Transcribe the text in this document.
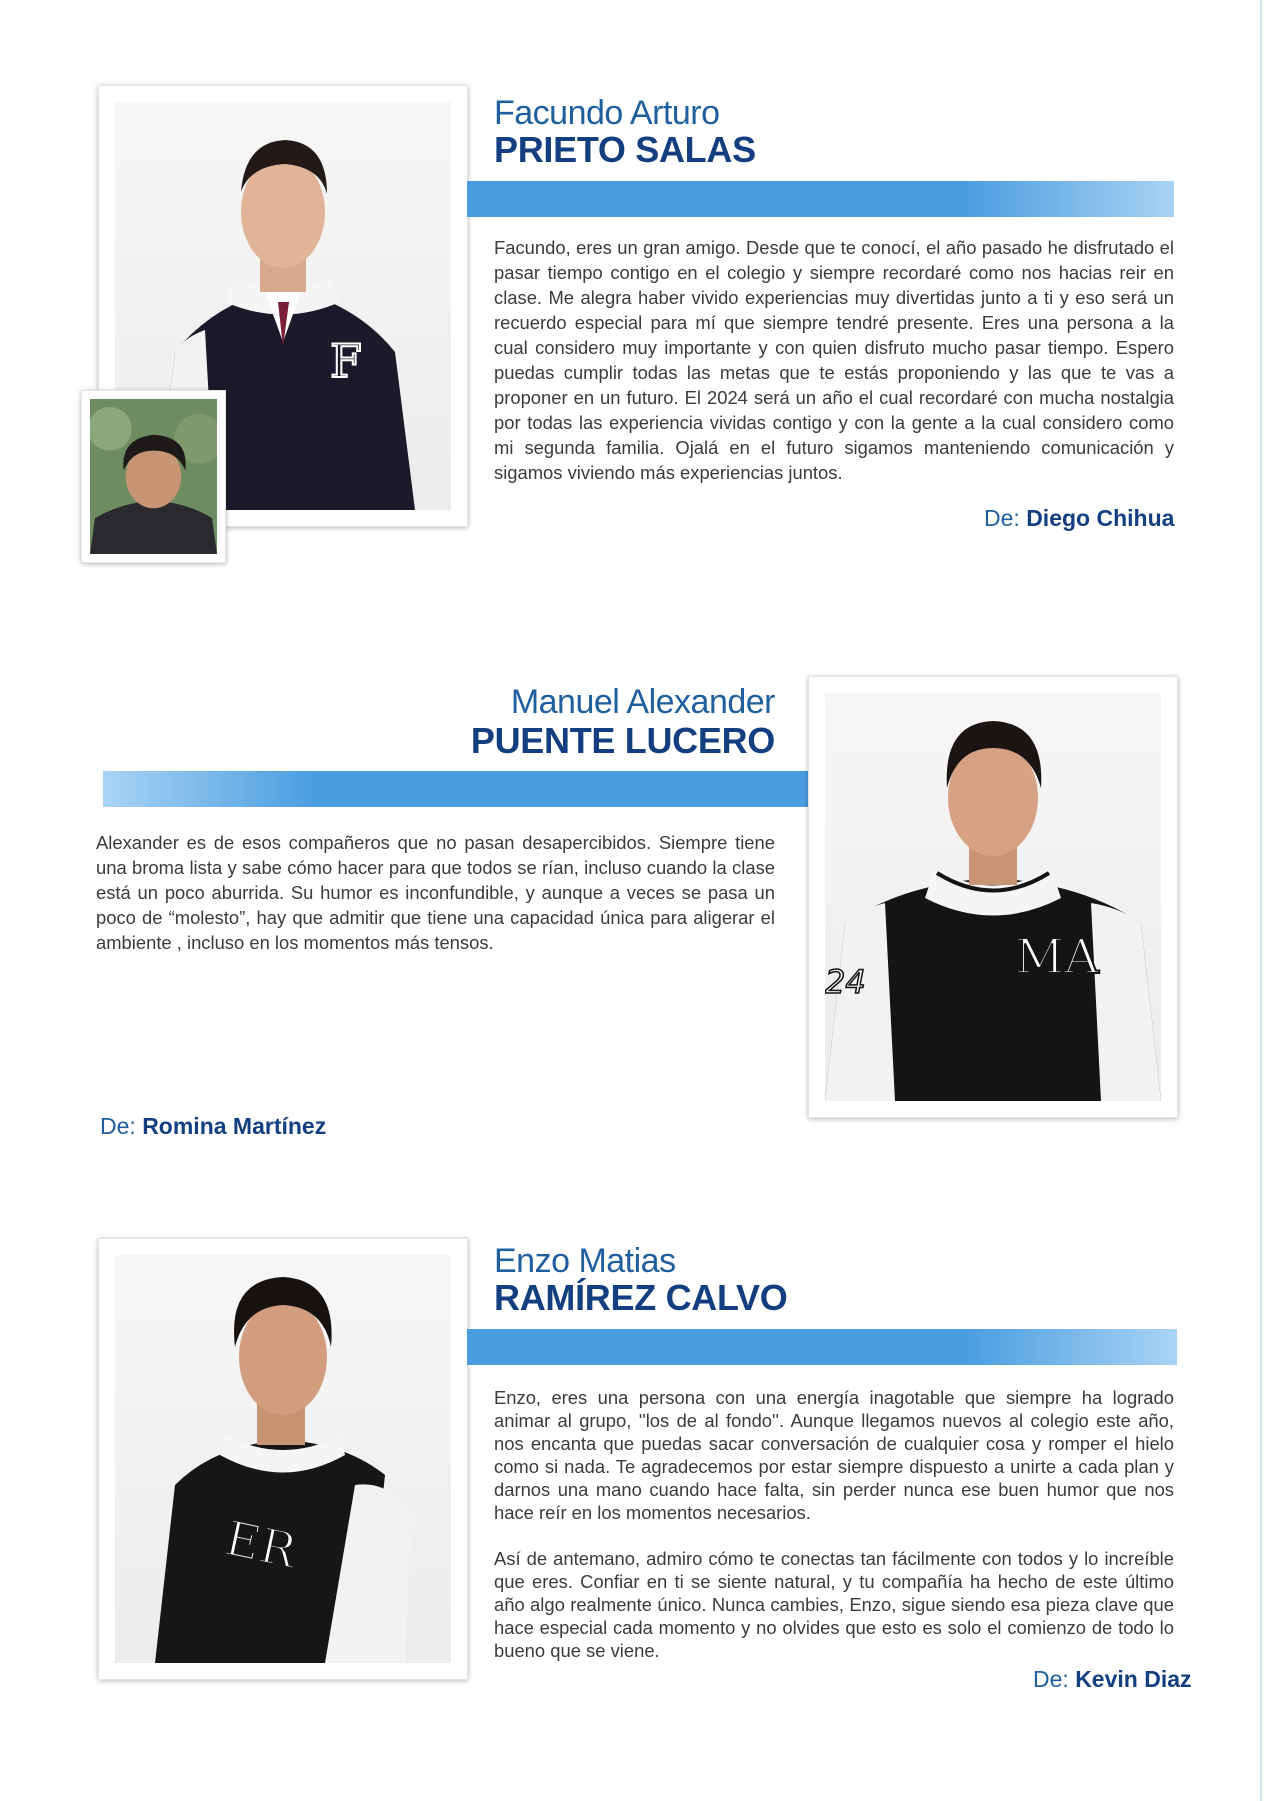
F
Facundo Arturo
PRIETO SALAS

Facundo, eres un gran amigo. Desde que te conocí, el año pasado he disfrutado el pasar tiempo contigo en el colegio y siempre recordaré como nos hacias reir en clase. Me alegra haber vivido experiencias muy divertidas junto a ti y eso será un recuerdo especial para mí que siempre tendré presente. Eres una persona a la cual considero muy importante y con quien disfruto mucho pasar tiempo. Espero puedas cumplir todas las metas que te estás proponiendo y las que te vas a proponer en un futuro. El 2024 será un año el cual recordaré con mucha nostalgia por todas las experiencia vividas contigo y con la gente a la cual considero como mi segunda familia. Ojalá en el futuro sigamos manteniendo comunicación y sigamos viviendo más experiencias juntos.

De: Diego Chihua
Manuel Alexander
PUENTE LUCERO

Alexander es de esos compañeros que no pasan desapercibidos. Siempre tiene una broma lista y sabe cómo hacer para que todos se rían, incluso cuando la clase está un poco aburrida. Su humor es inconfundible, y aunque a veces se pasa un poco de “molesto”, hay que admitir que tiene una capacidad única para aligerar el ambiente , incluso en los momentos más tensos.

De: Romina Martínez
MA
24
ER
Enzo Matias
RAMÍREZ CALVO

Enzo, eres una persona con una energía inagotable que siempre ha logrado animar al grupo, ''los de al fondo''. Aunque llegamos nuevos al colegio este año, nos encanta que puedas sacar conversación de cualquier cosa y romper el hielo como si nada. Te agradecemos por estar siempre dispuesto a unirte a cada plan y darnos una mano cuando hace falta, sin perder nunca ese buen humor que nos hace reír en los momentos necesarios.

Así de antemano, admiro cómo te conectas tan fácilmente con todos y lo increíble que eres. Confiar en ti se siente natural, y tu compañía ha hecho de este último año algo realmente único. Nunca cambies, Enzo, sigue siendo esa pieza clave que hace especial cada momento y no olvides que esto es solo el comienzo de todo lo bueno que se viene.

De: Kevin Diaz
